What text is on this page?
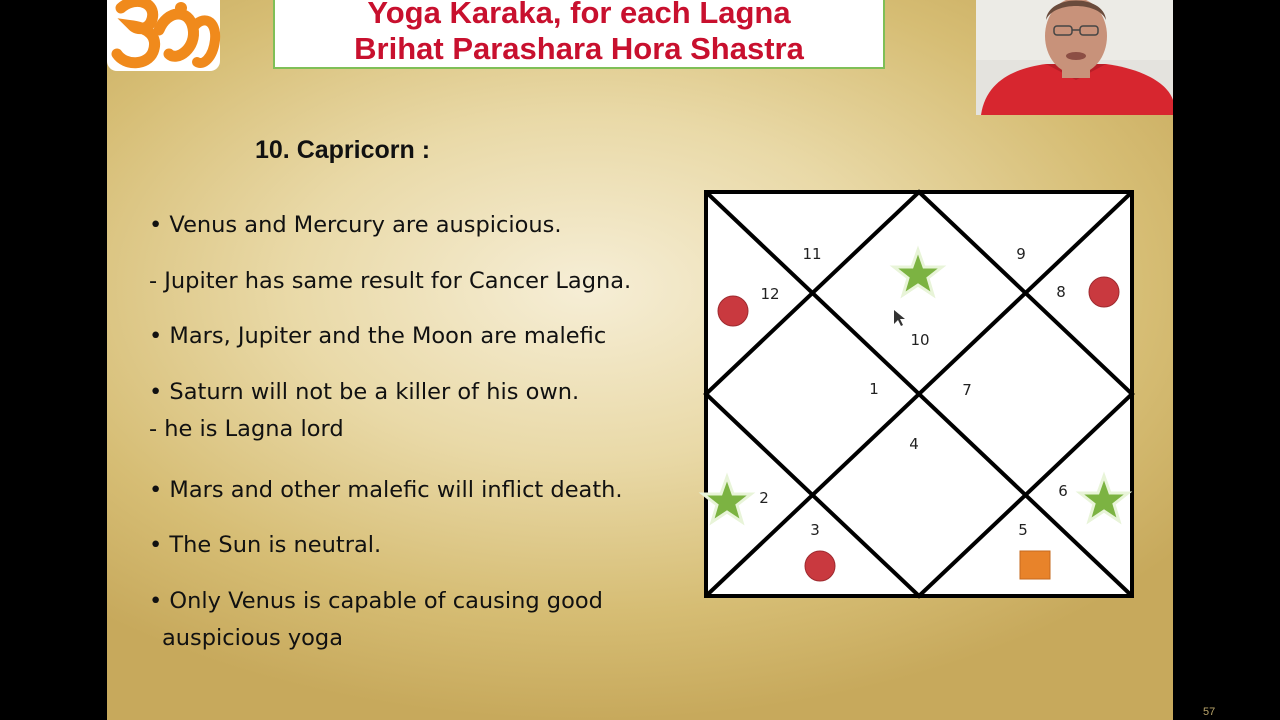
Yoga Karaka, for each Lagna
Brihat Parashara Hora Shastra
10. Capricorn :
• Venus and Mercury are auspicious.
- Jupiter has same result for Cancer Lagna.
• Mars, Jupiter and the Moon are malefic
• Saturn will not be a killer of his own.
- he is Lagna lord
• Mars and other malefic will inflict death.
• The Sun is neutral.
• Only Venus is capable of causing good
auspicious yoga
57
1
2
3
4
5
6
7
8
9
10
11
12
